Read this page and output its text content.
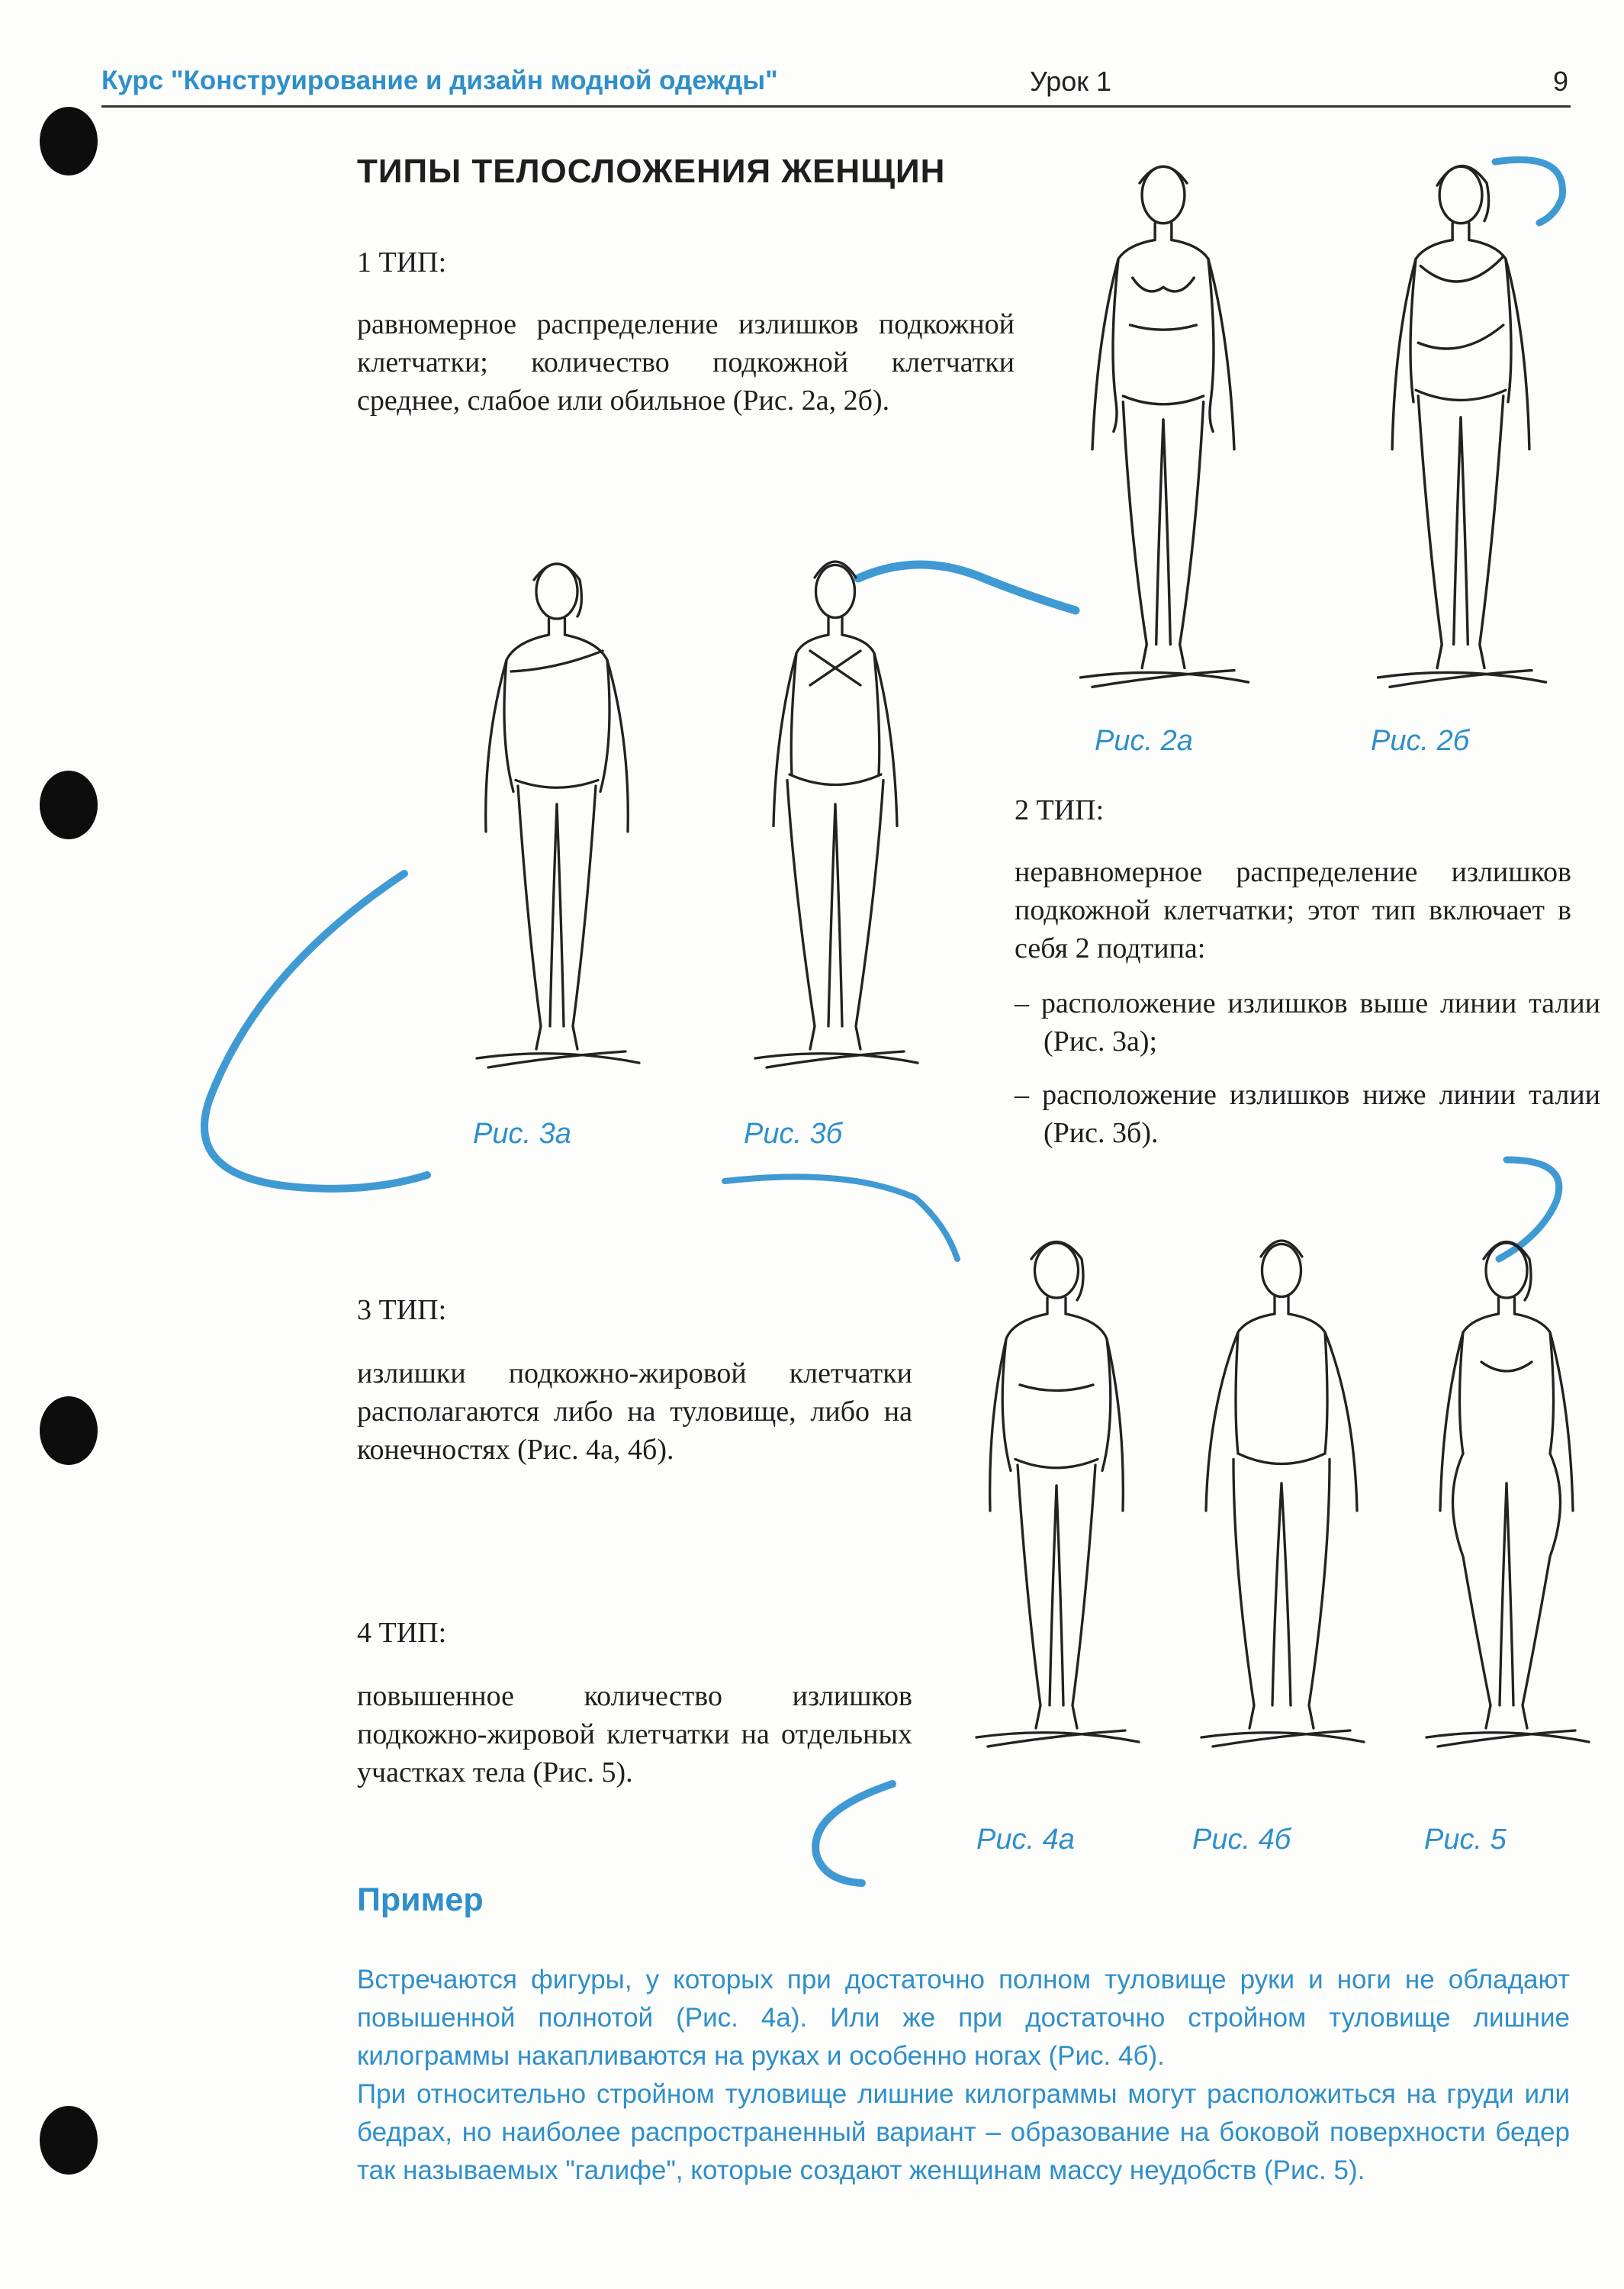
Курс "Конструирование и дизайн модной одежды"	Урок 1	9
ТИПЫ ТЕЛОСЛОЖЕНИЯ ЖЕНЩИН
1 ТИП:
равномерное распределение излишков подкожной клетчатки; количество подкожной клетчатки среднее, слабое или обильное (Рис. 2а, 2б).
2 ТИП:
неравномерное распределение излишков подкожной клетчатки; этот тип включает в себя 2 подтипа:
– расположение излишков выше линии талии (Рис. 3а);
– расположение излишков ниже линии талии (Рис. 3б).
3 ТИП:
излишки подкожно-жировой клетчатки располагаются либо на туловище, либо на конечностях (Рис. 4а, 4б).
4 ТИП:
повышенное количество излишков подкожно-жировой клетчатки на отдельных участках тела (Рис. 5).
Рис. 2а	Рис. 2б
Рис. 3а	Рис. 3б
Рис. 4а	Рис. 4б	Рис. 5
Пример
Встречаются фигуры, у которых при достаточно полном туловище руки и ноги не обладают повышенной полнотой (Рис. 4а). Или же при достаточно стройном туловище лишние килограммы накапливаются на руках и особенно ногах (Рис. 4б).
При относительно стройном туловище лишние килограммы могут расположиться на груди или бедрах, но наиболее распространенный вариант – образование на боковой поверхности бедер так называемых "галифе", которые создают женщинам массу неудобств (Рис. 5).
